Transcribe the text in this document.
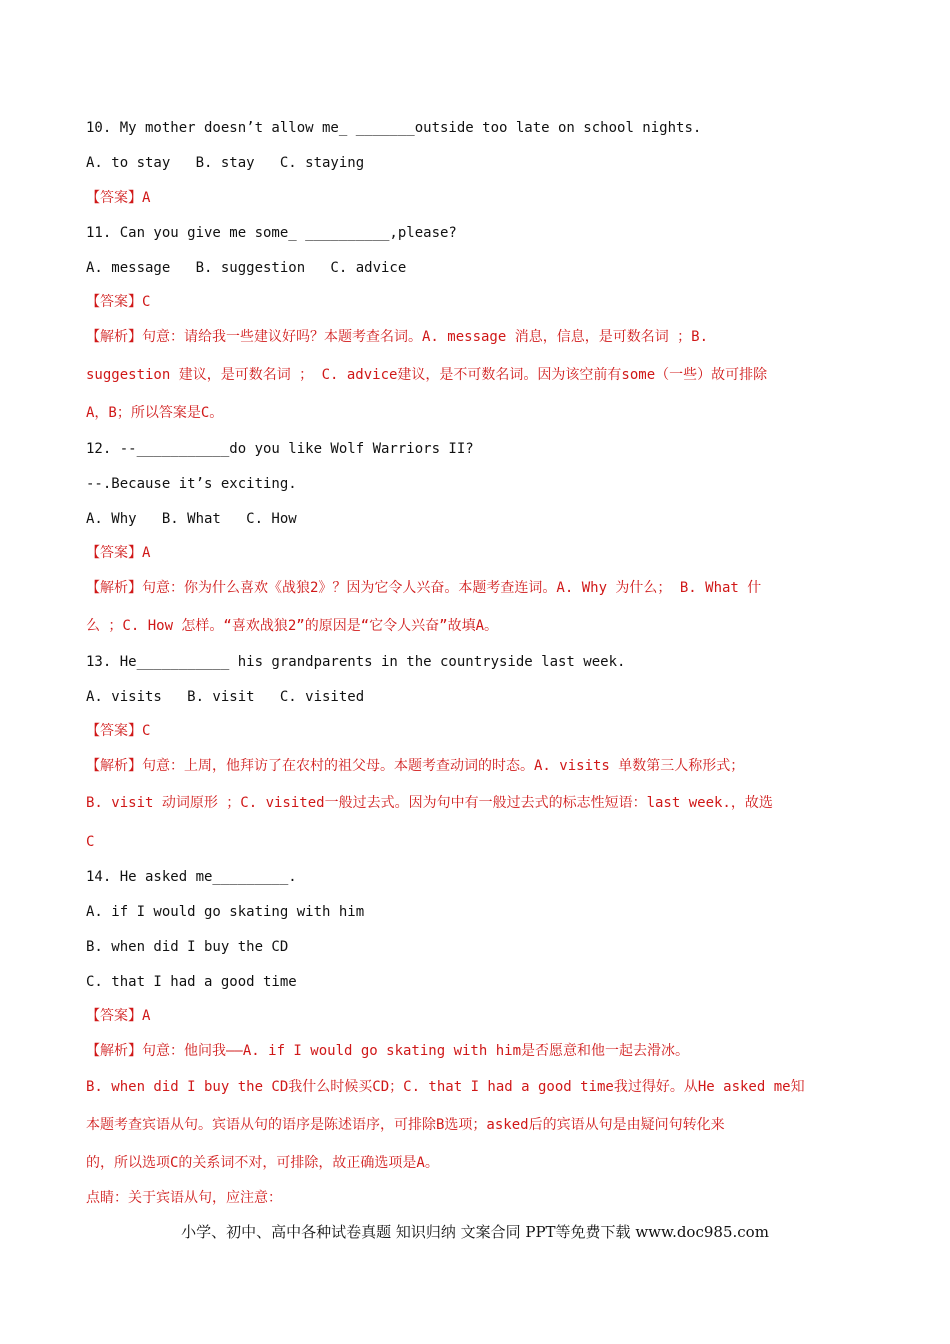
10. My mother doesn’t allow me_ _______outside too late on school nights.
A. to stay   B. stay   C. staying
【答案】A
11. Can you give me some_ __________,please?
A. message   B. suggestion   C. advice
【答案】C
【解析】句意：请给我一些建议好吗？本题考查名词。A. message 消息，信息，是可数名词 ；B.
suggestion 建议，是可数名词 ； C. advice建议，是不可数名词。因为该空前有some（一些）故可排除
A，B；所以答案是C。
12. --___________do you like Wolf Warriors II?
--.Because it’s exciting.
A. Why   B. What   C. How
【答案】A
【解析】句意：你为什么喜欢《战狼2》？因为它令人兴奋。本题考查连词。A. Why 为什么； B. What 什
么 ；C. How 怎样。“喜欢战狼2”的原因是“它令人兴奋”故填A。
13. He___________ his grandparents in the countryside last week.
A. visits   B. visit   C. visited
【答案】C
【解析】句意：上周，他拜访了在农村的祖父母。本题考查动词的时态。A. visits 单数第三人称形式；
B. visit 动词原形 ；C. visited一般过去式。因为句中有一般过去式的标志性短语：last week.，故选
C
14. He asked me_________.
A. if I would go skating with him
B. when did I buy the CD
C. that I had a good time
【答案】A
【解析】句意：他问我——A. if I would go skating with him是否愿意和他一起去滑冰。
B. when did I buy the CD我什么时候买CD；C. that I had a good time我过得好。从He asked me知
本题考查宾语从句。宾语从句的语序是陈述语序，可排除B选项；asked后的宾语从句是由疑问句转化来
的，所以选项C的关系词不对，可排除，故正确选项是A。
点睛：关于宾语从句，应注意：
小学、初中、高中各种试卷真题 知识归纳 文案合同 PPT等免费下载 www.doc985.com
